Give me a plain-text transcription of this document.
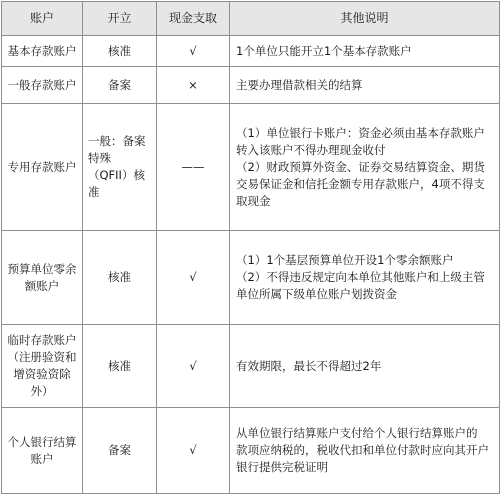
账户	开立	现金支取	其他说明

基本存款账户	核准	√	1个单位只能开立1个基本存款账户

一般存款账户	备案	×	主要办理借款相关的结算

专用存款账户	一般：备案
特殊
（QFII）核
准	——	（1）单位银行卡账户：资金必须由基本存款账户
转入该账户不得办理现金收付
（2）财政预算外资金、证券交易结算资金、期货
交易保证金和信托金额专用存款账户，4项不得支
取现金

预算单位零余
额账户	核准	√	（1）1个基层预算单位开设1个零余额账户
（2）不得违反规定向本单位其他账户和上级主管
单位所属下级单位账户划拨资金

临时存款账户
（注册验资和
增资验资除
外）	核准	√	有效期限，最长不得超过2年

个人银行结算
账户	备案	√	从单位银行结算账户支付给个人银行结算账户的
款项应纳税的，税收代扣和单位付款时应向其开户
银行提供完税证明
